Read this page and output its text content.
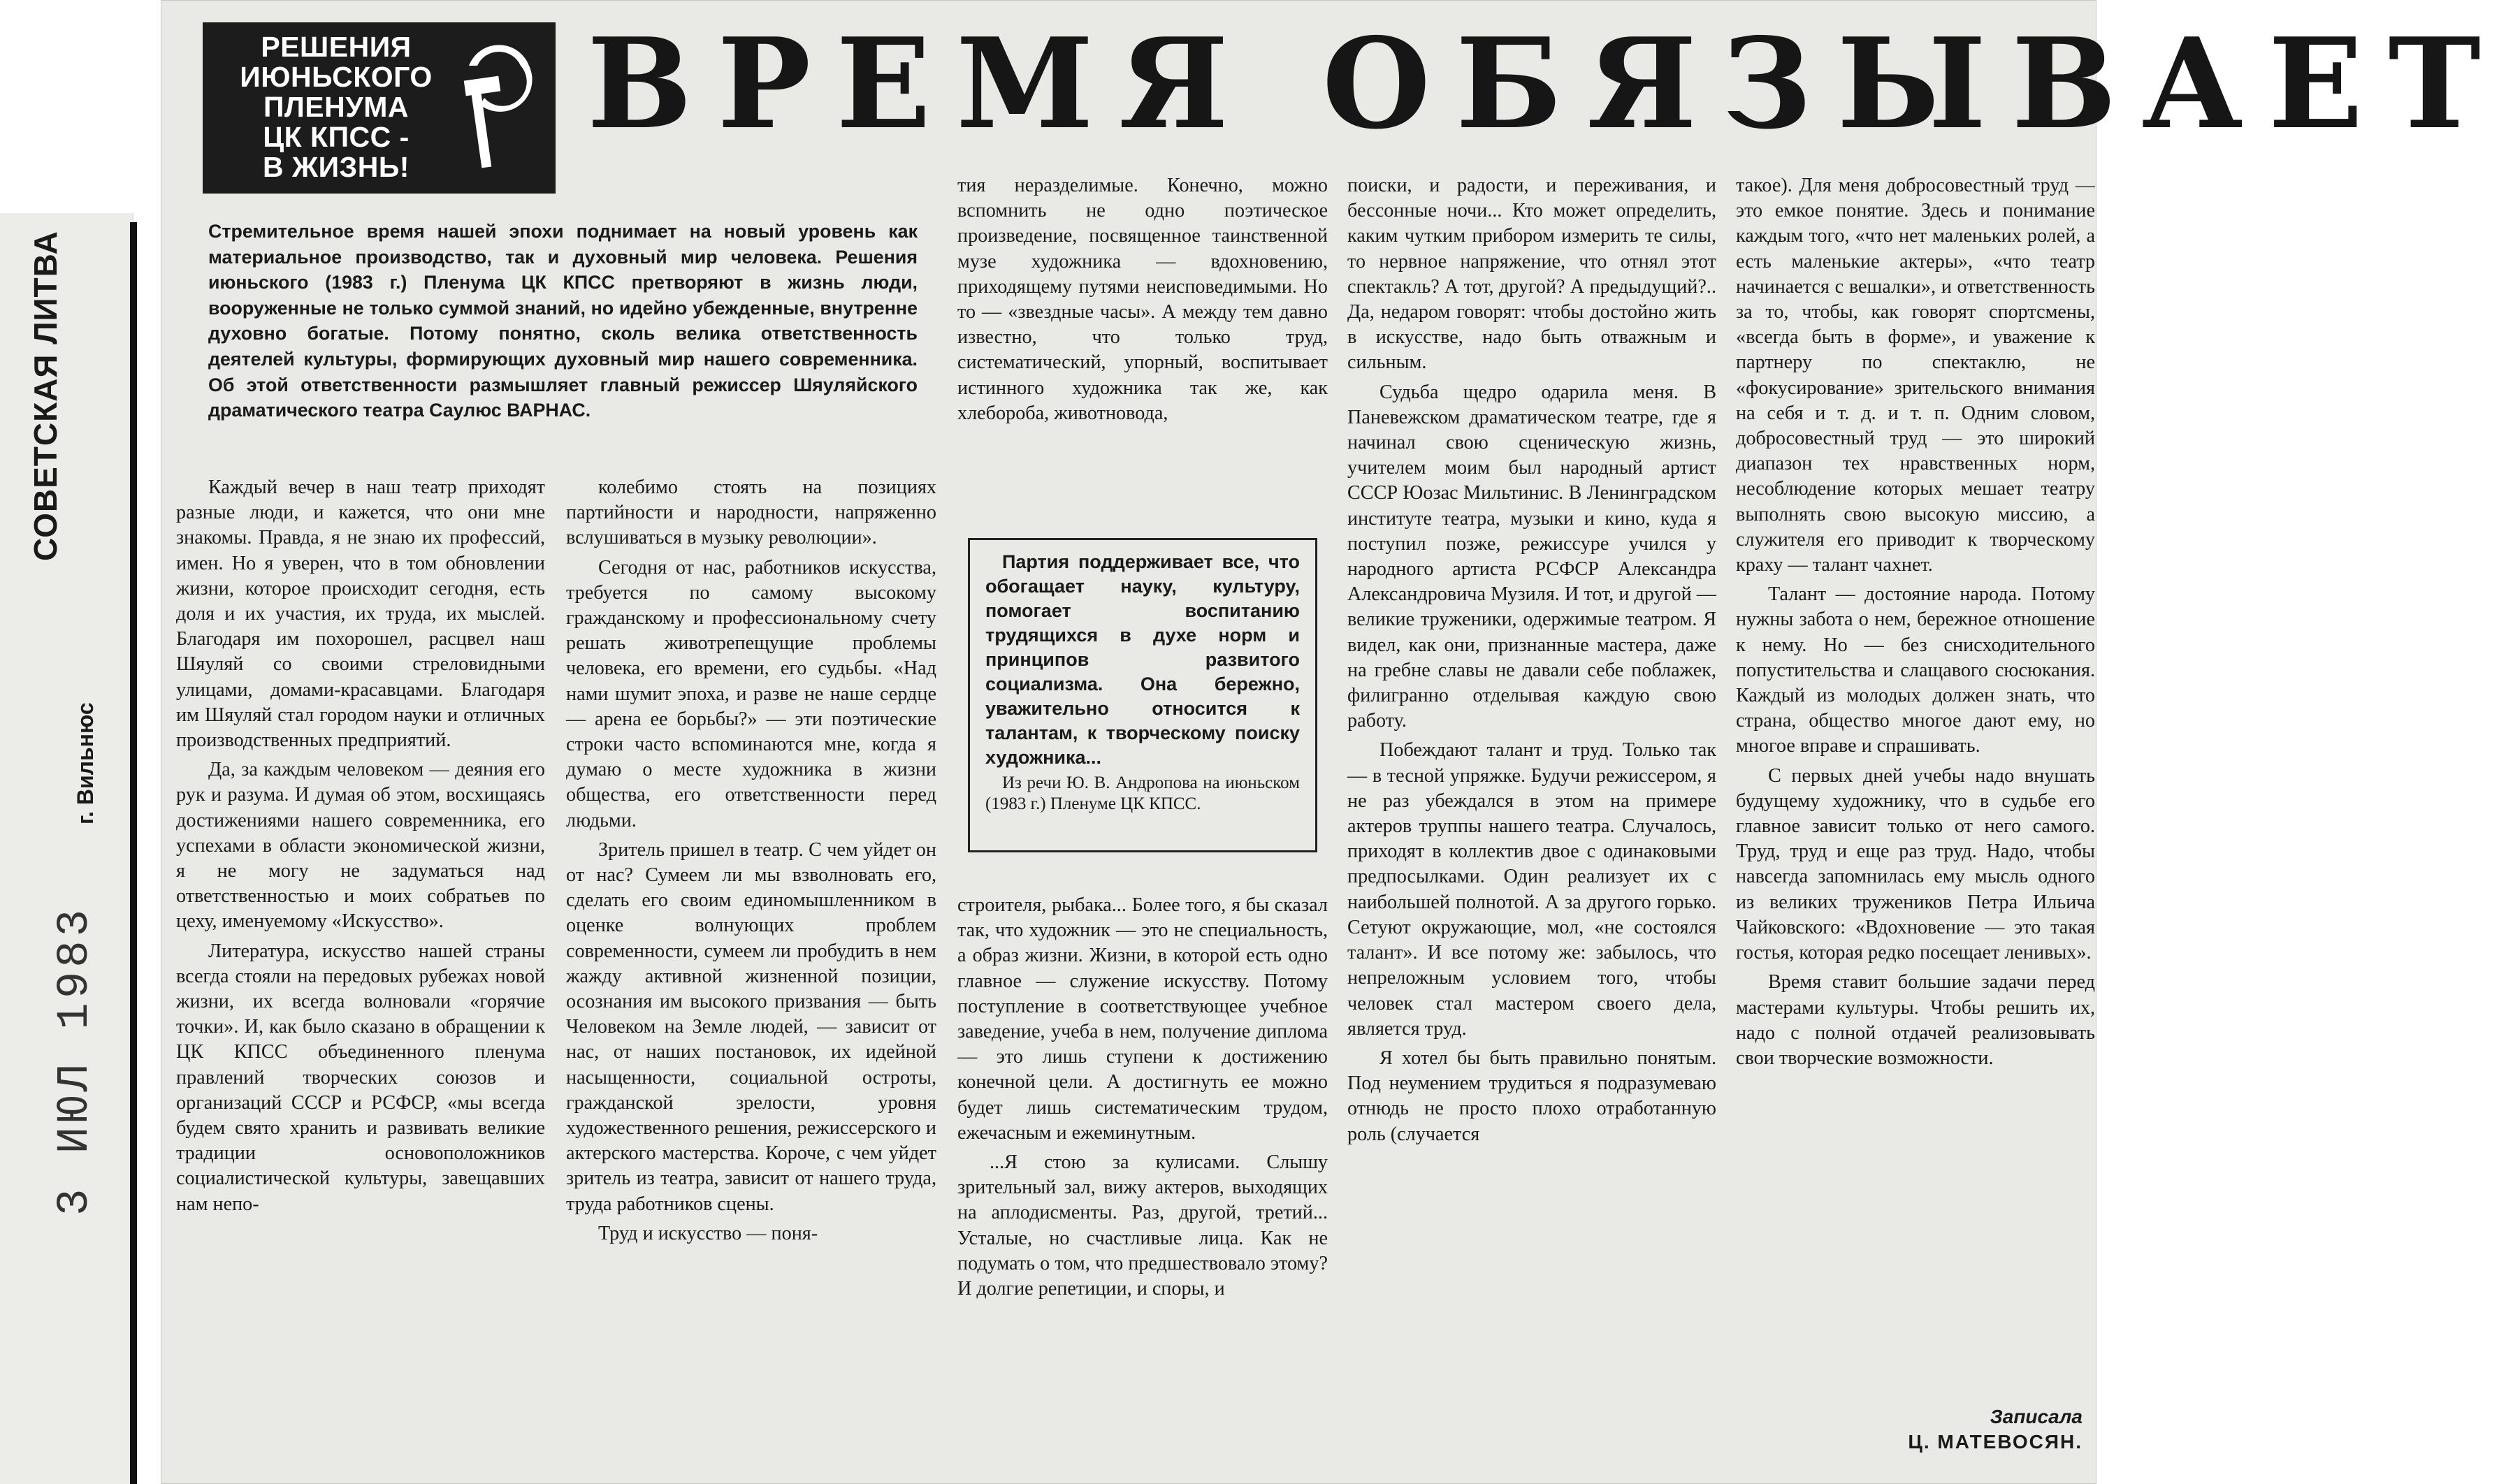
СОВЕТСКАЯ ЛИТВА
г. Вильнюс
3 ИЮЛ 1983
РЕШЕНИЯ
ИЮНЬСКОГО
ПЛЕНУМА
ЦК КПСС -
В ЖИЗНЬ!
ВРЕМЯ ОБЯЗЫВАЕТ
Стремительное время нашей эпохи поднимает на новый уровень как материальное производство, так и духовный мир человека. Решения июньского (1983 г.) Пленума ЦК КПСС претворяют в жизнь люди, вооруженные не только суммой знаний, но идейно убежденные, внутренне духовно богатые. Потому понятно, сколь велика ответственность деятелей культуры, формирующих духовный мир нашего современника. Об этой ответственности размышляет главный режиссер Шяуляйского драматического театра Саулюс ВАРНАС.

Каждый вечер в наш театр приходят разные люди, и кажется, что они мне знакомы. Правда, я не знаю их профессий, имен. Но я уверен, что в том обновлении жизни, которое происходит сегодня, есть доля и их участия, их труда, их мыслей. Благодаря им похорошел, расцвел наш Шяуляй со своими стреловидными улицами, домами-красавцами. Благодаря им Шяуляй стал городом науки и отличных производственных предприятий.

Да, за каждым человеком — деяния его рук и разума. И думая об этом, восхищаясь достижениями нашего современника, его успехами в области экономической жизни, я не могу не задуматься над ответственностью и моих собратьев по цеху, именуемому «Искусство».

Литература, искусство нашей страны всегда стояли на передовых рубежах новой жизни, их всегда волновали «горячие точки». И, как было сказано в обращении к ЦК КПСС объединенного пленума правлений творческих союзов и организаций СССР и РСФСР, «мы всегда будем свято хранить и развивать великие традиции основоположников социалистической культуры, завещавших нам непо-

колебимо стоять на позициях партийности и народности, напряженно вслушиваться в музыку революции».

Сегодня от нас, работников искусства, требуется по самому высокому гражданскому и профессиональному счету решать животрепещущие проблемы человека, его времени, его судьбы. «Над нами шумит эпоха, и разве не наше сердце — арена ее борьбы?» — эти поэтические строки часто вспоминаются мне, когда я думаю о месте художника в жизни общества, его ответственности перед людьми.

Зритель пришел в театр. С чем уйдет он от нас? Сумеем ли мы взволновать его, сделать его своим единомышленником в оценке волнующих проблем современности, сумеем ли пробудить в нем жажду активной жизненной позиции, осознания им высокого призвания — быть Человеком на Земле людей, — зависит от нас, от наших постановок, их идейной насыщенности, социальной остроты, гражданской зрелости, уровня художественного решения, режиссерского и актерского мастерства. Короче, с чем уйдет зритель из театра, зависит от нашего труда, труда работников сцены.

Труд и искусство — поня-

тия неразделимые. Конечно, можно вспомнить не одно поэтическое произведение, посвященное таинственной музе художника — вдохновению, приходящему путями неисповедимыми. Но то — «звездные часы». А между тем давно известно, что только труд, систематический, упорный, воспитывает истинного художника так же, как хлебороба, животновода,

Партия поддерживает все, что обогащает науку, культуру, помогает воспитанию трудящихся в духе норм и принципов развитого социализма. Она бережно, уважительно относится к талантам, к творческому поиску художника...
Из речи Ю. В. Андропова на июньском (1983 г.) Пленуме ЦК КПСС.

строителя, рыбака... Более того, я бы сказал так, что художник — это не специальность, а образ жизни. Жизни, в которой есть одно главное — служение искусству. Потому поступление в соответствующее учебное заведение, учеба в нем, получение диплома — это лишь ступени к достижению конечной цели. А достигнуть ее можно будет лишь систематическим трудом, ежечасным и ежеминутным.

...Я стою за кулисами. Слышу зрительный зал, вижу актеров, выходящих на аплодисменты. Раз, другой, третий... Усталые, но счастливые лица. Как не подумать о том, что предшествовало этому? И долгие репетиции, и споры, и

поиски, и радости, и переживания, и бессонные ночи... Кто может определить, каким чутким прибором измерить те силы, то нервное напряжение, что отнял этот спектакль? А тот, другой? А предыдущий?.. Да, недаром говорят: чтобы достойно жить в искусстве, надо быть отважным и сильным.

Судьба щедро одарила меня. В Паневежском драматическом театре, где я начинал свою сценическую жизнь, учителем моим был народный артист СССР Юозас Мильтинис. В Ленинградском институте театра, музыки и кино, куда я поступил позже, режиссуре учился у народного артиста РСФСР Александра Александровича Музиля. И тот, и другой — великие труженики, одержимые театром. Я видел, как они, признанные мастера, даже на гребне славы не давали себе поблажек, филигранно отделывая каждую свою работу.

Побеждают талант и труд. Только так — в тесной упряжке. Будучи режиссером, я не раз убеждался в этом на примере актеров труппы нашего театра. Случалось, приходят в коллектив двое с одинаковыми предпосылками. Один реализует их с наибольшей полнотой. А за другого горько. Сетуют окружающие, мол, «не состоялся талант». И все потому же: забылось, что непреложным условием того, чтобы человек стал мастером своего дела, является труд.

Я хотел бы быть правильно понятым. Под неумением трудиться я подразумеваю отнюдь не просто плохо отработанную роль (случается

такое). Для меня добросовестный труд — это емкое понятие. Здесь и понимание каждым того, «что нет маленьких ролей, а есть маленькие актеры», «что театр начинается с вешалки», и ответственность за то, чтобы, как говорят спортсмены, «всегда быть в форме», и уважение к партнеру по спектаклю, не «фокусирование» зрительского внимания на себя и т. д. и т. п. Одним словом, добросовестный труд — это широкий диапазон тех нравственных норм, несоблюдение которых мешает театру выполнять свою высокую миссию, а служителя его приводит к творческому краху — талант чахнет.

Талант — достояние народа. Потому нужны забота о нем, бережное отношение к нему. Но — без снисходительного попустительства и слащавого сюсюкания. Каждый из молодых должен знать, что страна, общество многое дают ему, но многое вправе и спрашивать.

С первых дней учебы надо внушать будущему художнику, что в судьбе его главное зависит только от него самого. Труд, труд и еще раз труд. Надо, чтобы навсегда запомнилась ему мысль одного из великих тружеников Петра Ильича Чайковского: «Вдохновение — это такая гостья, которая редко посещает ленивых».

Время ставит большие задачи перед мастерами культуры. Чтобы решить их, надо с полной отдачей реализовывать свои творческие возможности.

Записала
Ц. МАТЕВОСЯН.
